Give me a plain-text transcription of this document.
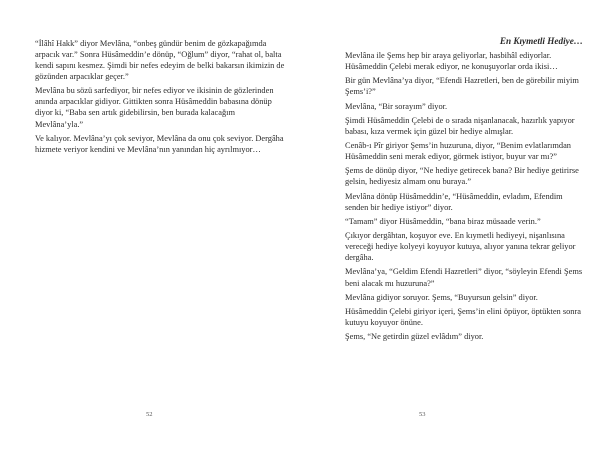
“İlâhî Hakk” diyor Mevlâna, “onbeş gündür benim de gözkapağımda arpacık var.” Sonra Hüsâmeddin’e dönüp, “Oğlum” diyor, “rahat ol, balta kendi sapını kesmez. Şimdi bir nefes edeyim de belki bakarsın ikimizin de gözünden arpacıklar geçer.”

Mevlâna bu sözü sarfediyor, bir nefes ediyor ve ikisinin de gözlerinden anında arpacıklar gidiyor. Gittikten sonra Hüsâmeddin babasına dönüp diyor ki, “Baba sen artık gidebilirsin, ben burada kalacağım Mevlâna’yla.”

Ve kalıyor. Mevlâna’yı çok seviyor, Mevlâna da onu çok seviyor. Dergâha hizmete veriyor kendini ve Mevlâna’nın yanından hiç ayrılmıyor…

52
En Kıymetli Hediye…

Mevlâna ile Şems hep bir araya geliyorlar, hasbihâl ediyorlar. Hüsâmeddin Çelebi merak ediyor, ne konuşuyorlar orda ikisi…

Bir gün Mevlâna’ya diyor, “Efendi Hazretleri, ben de görebilir miyim Şems’i?”

Mevlâna, “Bir sorayım” diyor.

Şimdi Hüsâmeddin Çelebi de o sırada nişanlanacak, hazırlık yapıyor babası, kıza vermek için güzel bir hediye almışlar.

Cenâb-ı Pîr giriyor Şems’in huzuruna, diyor, “Benim evlatlarımdan Hüsâmeddin seni merak ediyor, görmek istiyor, buyur var mı?”

Şems de dönüp diyor, “Ne hediye getirecek bana? Bir hediye getirirse gelsin, hediyesiz almam onu buraya.”

Mevlâna dönüp Hüsâmeddin’e, “Hüsâmeddin, evladım, Efendim senden bir hediye istiyor” diyor.

“Tamam” diyor Hüsâmeddin, “bana biraz müsaade verin.”

Çıkıyor dergâhtan, koşuyor eve. En kıymetli hediyeyi, nişanlısına vereceği hediye kolyeyi koyuyor kutuya, alıyor yanına tekrar geliyor dergâha.

Mevlâna’ya, “Geldim Efendi Hazretleri” diyor, “söyleyin Efendi Şems beni alacak mı huzuruna?”

Mevlâna gidiyor soruyor. Şems, “Buyursun gelsin” diyor.

Hüsâmeddin Çelebi giriyor içeri, Şems’in elini öpüyor, öptükten sonra kutuyu koyuyor önüne.

Şems, “Ne getirdin güzel evlâdım” diyor.

53
